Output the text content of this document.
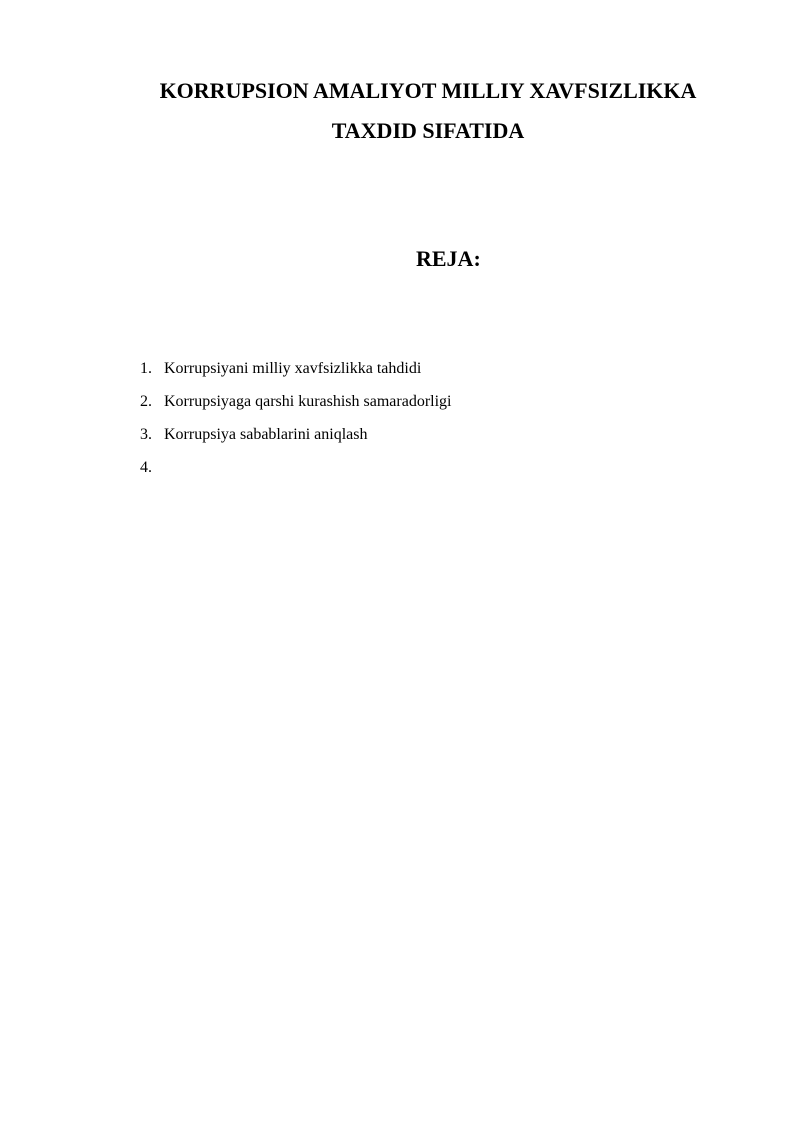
KORRUPSION AMALIYOT MILLIY XAVFSIZLIKKA
TAXDID SIFATIDA
REJA:
1. Korrupsiyani milliy xavfsizlikka tahdidi
2. Korrupsiyaga qarshi kurashish samaradorligi
3. Korrupsiya sabablarini aniqlash
4.
